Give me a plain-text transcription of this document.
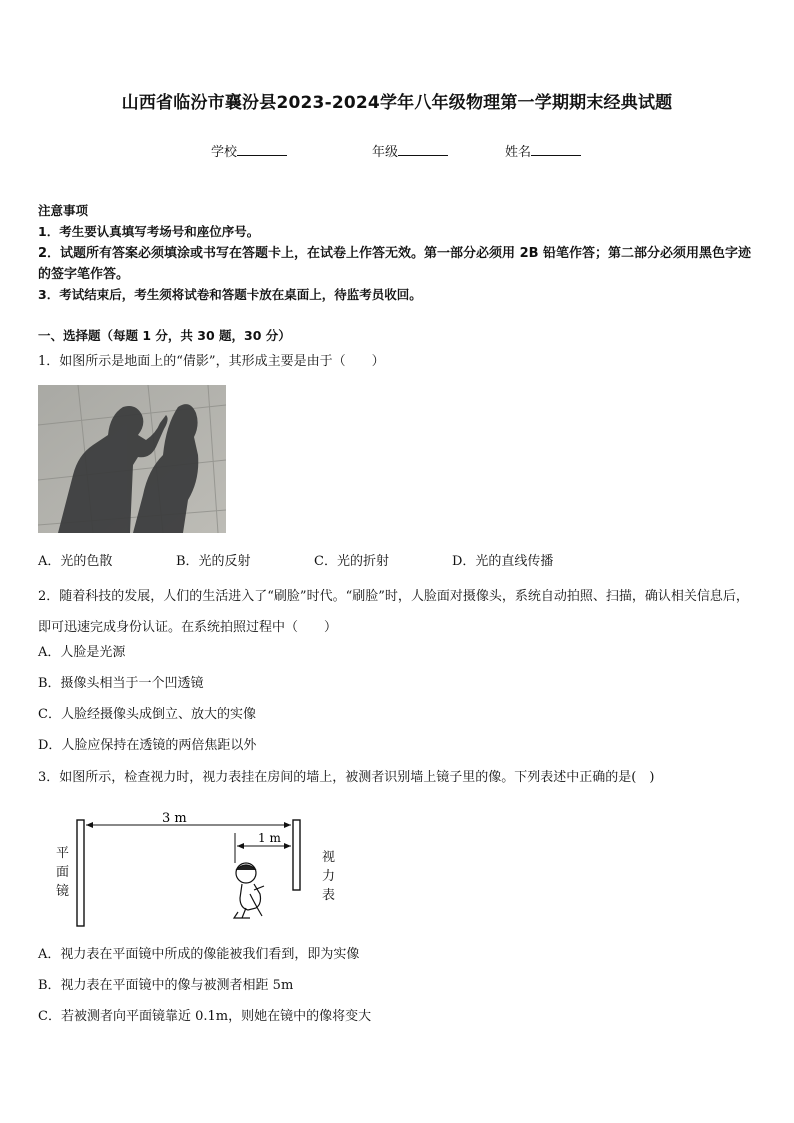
山西省临汾市襄汾县2023-2024学年八年级物理第一学期期末经典试题
学校	年级	姓名
注意事项
1．考生要认真填写考场号和座位序号。
2．试题所有答案必须填涂或书写在答题卡上，在试卷上作答无效。第一部分必须用 2B 铅笔作答；第二部分必须用黑色字迹的签字笔作答。
3．考试结束后，考生须将试卷和答题卡放在桌面上，待监考员收回。
一、选择题（每题 1 分，共 30 题，30 分）
1．如图所示是地面上的“倩影”，其形成主要是由于（　　）
A．光的色散	B．光的反射	C．光的折射	D．光的直线传播
2．随着科技的发展，人们的生活进入了“刷脸”时代。“刷脸”时，人脸面对摄像头，系统自动拍照、扫描，确认相关信息后，即可迅速完成身份认证。在系统拍照过程中（　　）
A．人脸是光源
B．摄像头相当于一个凹透镜
C．人脸经摄像头成倒立、放大的实像
D．人脸应保持在透镜的两倍焦距以外
3．如图所示，检查视力时，视力表挂在房间的墙上，被测者识别墙上镜子里的像。下列表述中正确的是(　)
3 m
1 m
平面镜
视力表
A．视力表在平面镜中所成的像能被我们看到，即为实像
B．视力表在平面镜中的像与被测者相距 5m
C．若被测者向平面镜靠近 0.1m，则她在镜中的像将变大
